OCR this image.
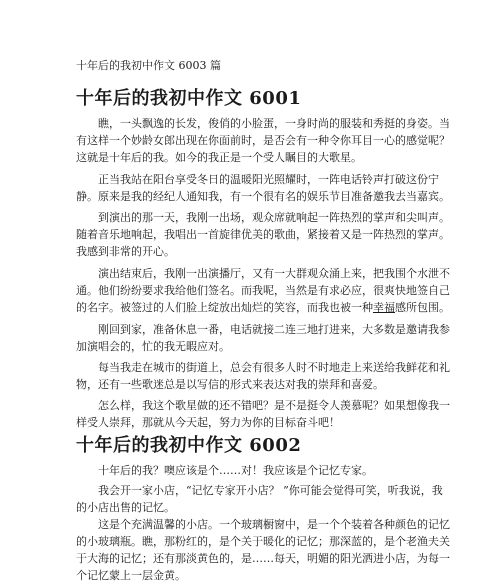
十年后的我初中作文 6003 篇
十年后的我初中作文 6001

瞧，一头飘逸的长发，俊俏的小脸蛋，一身时尚的服装和秀挺的身姿。当
有这样一个妙龄女郎出现在你面前时，是否会有一种令你耳目一心的感觉呢？
这就是十年后的我。如今的我正是一个受人瞩目的大歌星。

正当我站在阳台享受冬日的温暖阳光照耀时，一阵电话铃声打破这份宁
静。原来是我的经纪人通知我，有一个很有名的娱乐节目准备邀我去当嘉宾。

到演出的那一天，我刚一出场，观众席就响起一阵热烈的掌声和尖叫声。
随着音乐地响起，我唱出一首旋律优美的歌曲，紧接着又是一阵热烈的掌声。
我感到非常的开心。

演出结束后，我刚一出演播厅，又有一大群观众涌上来，把我围个水泄不
通。他们纷纷要求我给他们签名。而我呢，当然是有求必应，很爽快地签自己
的名字。被签过的人们脸上绽放出灿烂的笑容，而我也被一种幸福感所包围。

刚回到家，准备休息一番，电话就接二连三地打进来，大多数是邀请我参
加演唱会的，忙的我无暇应对。

每当我走在城市的街道上，总会有很多人时不时地走上来送给我鲜花和礼
物，还有一些歌迷总是以写信的形式来表达对我的崇拜和喜爱。

怎么样，我这个歌星做的还不错吧？是不是挺令人羡慕呢？如果想像我一
样受人崇拜，那就从今天起，努力为你的目标奋斗吧！

十年后的我初中作文 6002

十年后的我？噢应该是个……对！我应该是个记忆专家。

我会开一家小店，“记忆专家开小店？ ”你可能会觉得可笑，听我说，我
的小店出售的记忆。

这是个充满温馨的小店。一个玻璃橱窗中，是一个个装着各种颜色的记忆
的小玻璃瓶。瞧，那粉红的，是个关于暖化的记忆；那深蓝的，是个老渔夫关
于大海的记忆；还有那淡黄色的，是……每天，明媚的阳光洒进小店，为每一
个记忆蒙上一层金黄。
